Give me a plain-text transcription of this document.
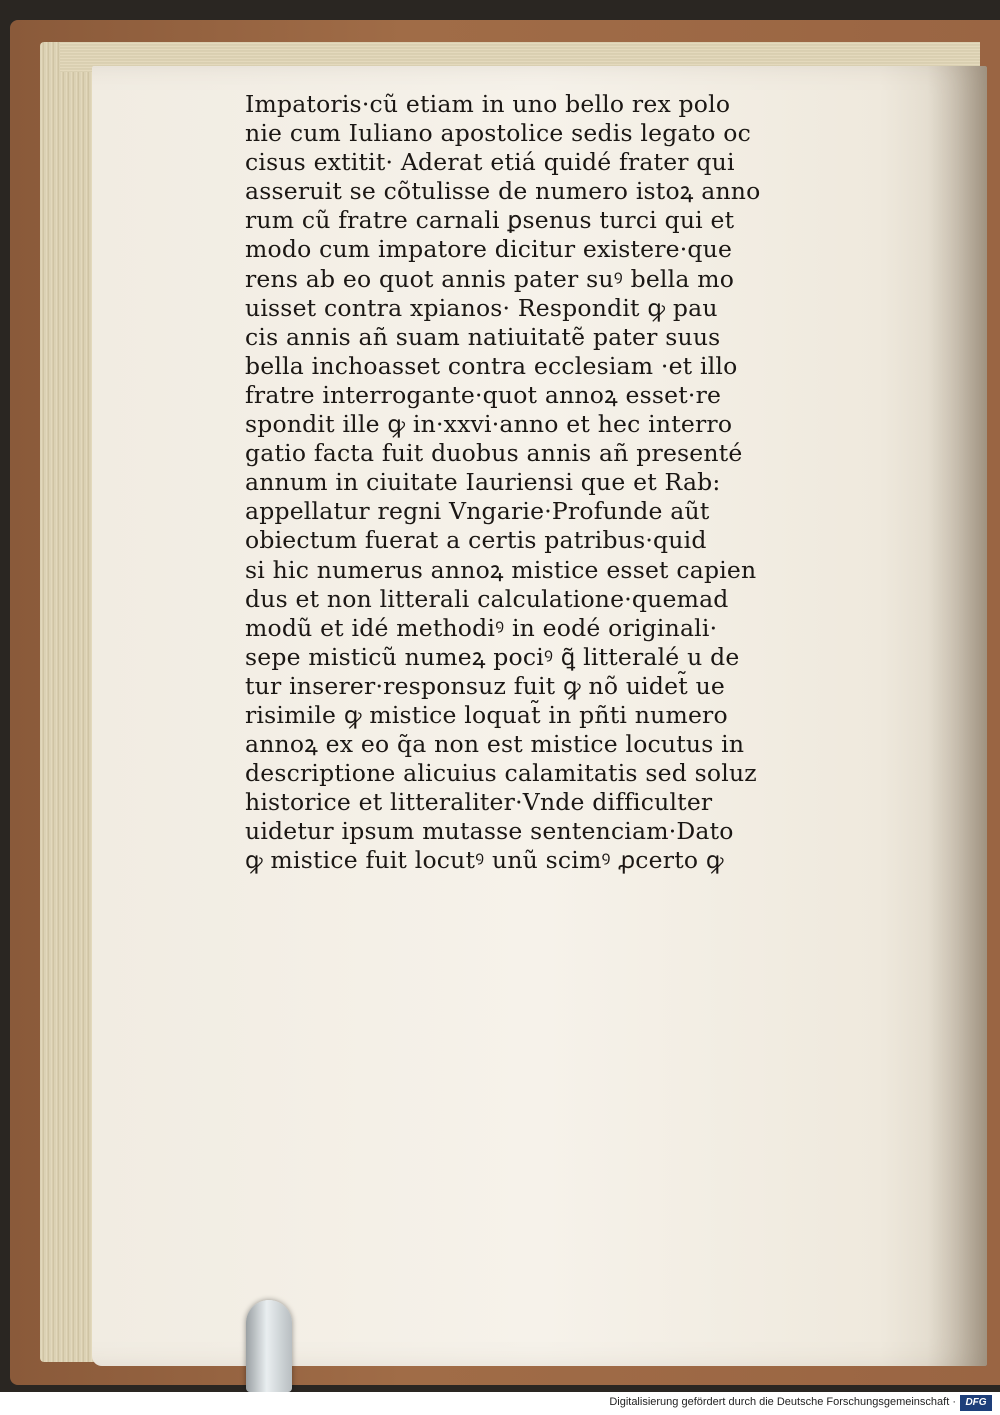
Impatoris·cũ etiam in uno bello rex polo
nie cum Iuliano apostolice sedis legato oc
cisus extitit· Aderat etiá quidé frater qui
asseruit se cõtulisse de numero istoꝝ anno
rum cũ fratre carnali ꝑsenus turci qui et
modo cum impatore dicitur existere·que
rens ab eo quot annis pater suꝰ bella mo
uisset contra xpianos· Respondit ꝙ pau
cis annis añ suam natiuitatẽ pater suus
bella inchoasset contra ecclesiam ·et illo
fratre interrogante·quot annoꝝ esset·re
spondit ille ꝙ in·xxvi·anno et hec interro
gatio facta fuit duobus annis añ presenté
annum in ciuitate Iauriensi que et Rab:
appellatur regni Vngarie·Profunde aũt
obiectum fuerat a certis patribus·quid
si hic numerus annoꝝ mistice esset capien
dus et non litterali calculatione·quemad
modũ et idé methodiꝰ in eodé originali·
sepe misticũ numeꝝ pociꝰ ꝗ̃ litteralé u de
tur inserer·responsuz fuit ꝙ nõ uidet̃ ue
risimile ꝙ mistice loquat̃ in pñti numero
annoꝝ ex eo q̃a non est mistice locutus in
descriptione alicuius calamitatis sed soluz
historice et litteraliter·Vnde difficulter
uidetur ipsum mutasse sentenciam·Dato
ꝙ mistice fuit locutꝰ unũ scimꝰ ꝓcerto ꝙ
Digitalisierung gefördert durch die Deutsche Forschungsgemeinschaft · DFG
